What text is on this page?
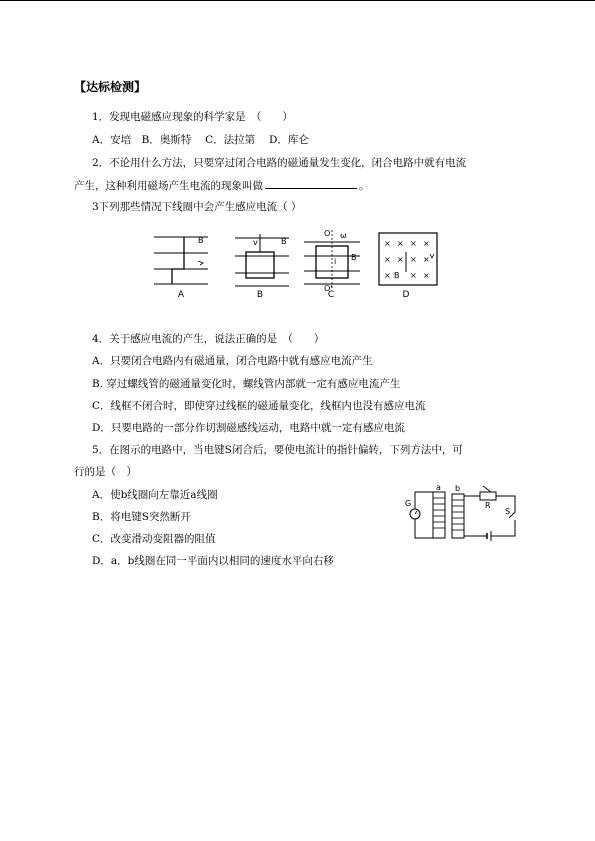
【达标检测】
1．发现电磁感应现象的科学家是　（　　）
A．安培　B．奥斯特　 C．法拉第　 D．库仑
2．不论用什么方法，只要穿过闭合电路的磁通量发生变化，闭合电路中就有电流
产生，这种利用磁场产生电流的现象叫做	。
3下列那些情况下线圈中会产生感应电流（ ）
B
A
v	B
B
O ω
i B
O'
C
× × × ×
× × × ×
× B × ×
D
4．关于感应电流的产生，说法正确的是　（　　）
A．只要闭合电路内有磁通量，闭合电路中就有感应电流产生
B. 穿过螺线管的磁通量变化时，螺线管内部就一定有感应电流产生
C．线框不闭合时，即使穿过线框的磁通量变化，线框内也没有感应电流
D．只要电路的一部分作切割磁感线运动，电路中就一定有感应电流
5．在图示的电路中，当电键S闭合后，要使电流计的指针偏转，下列方法中，可
行的是（　）
A．使b线圈向左靠近a线圈
B．将电键S突然断开
C．改变滑动变阻器的阻值
D．a．b线圈在同一平面内以相同的速度水平向右移
G
a b
R
S
